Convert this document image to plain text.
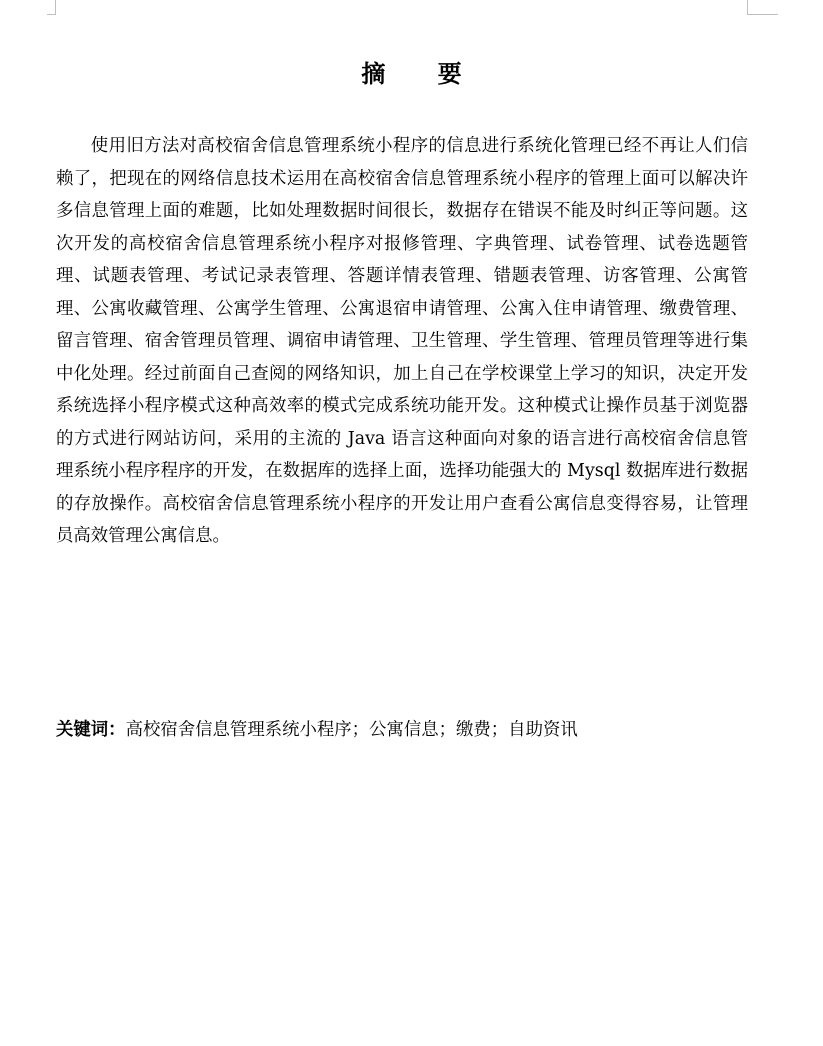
摘 要

使用旧方法对高校宿舍信息管理系统小程序的信息进行系统化管理已经不再让人们信赖了，把现在的网络信息技术运用在高校宿舍信息管理系统小程序的管理上面可以解决许多信息管理上面的难题，比如处理数据时间很长，数据存在错误不能及时纠正等问题。这次开发的高校宿舍信息管理系统小程序对报修管理、字典管理、试卷管理、试卷选题管理、试题表管理、考试记录表管理、答题详情表管理、错题表管理、访客管理、公寓管理、公寓收藏管理、公寓学生管理、公寓退宿申请管理、公寓入住申请管理、缴费管理、留言管理、宿舍管理员管理、调宿申请管理、卫生管理、学生管理、管理员管理等进行集中化处理。经过前面自己查阅的网络知识，加上自己在学校课堂上学习的知识，决定开发系统选择小程序模式这种高效率的模式完成系统功能开发。这种模式让操作员基于浏览器的方式进行网站访问，采用的主流的 Java 语言这种面向对象的语言进行高校宿舍信息管理系统小程序程序的开发，在数据库的选择上面，选择功能强大的 Mysql 数据库进行数据的存放操作。高校宿舍信息管理系统小程序的开发让用户查看公寓信息变得容易，让管理员高效管理公寓信息。

关键词：高校宿舍信息管理系统小程序；公寓信息；缴费；自助资讯
